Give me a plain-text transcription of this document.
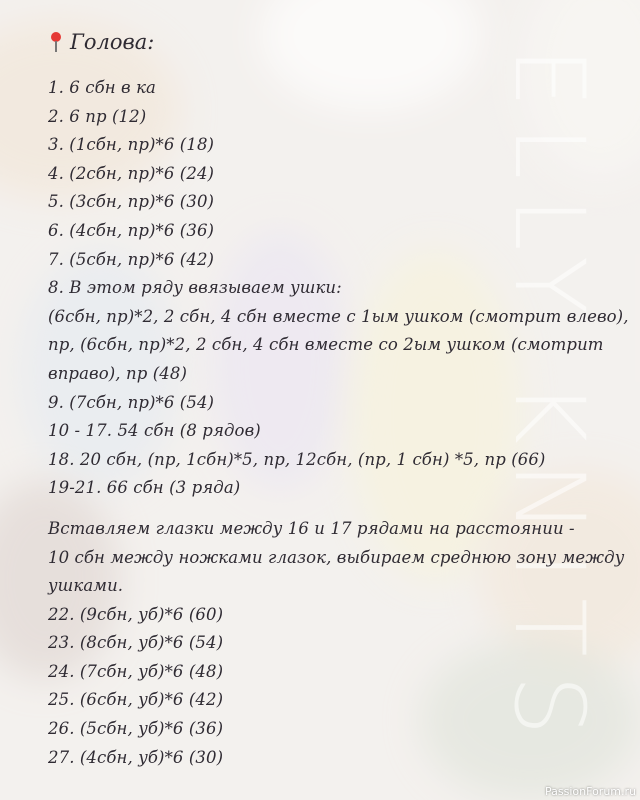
ELLY KNITS
Голова:
1. 6 сбн в ка
2. 6 пр (12)
3. (1сбн, пр)*6 (18)
4. (2сбн, пр)*6 (24)
5. (3сбн, пр)*6 (30)
6. (4сбн, пр)*6 (36)
7. (5сбн, пр)*6 (42)
8. В этом ряду ввязываем ушки:
(6сбн, пр)*2, 2 сбн, 4 сбн вместе с 1ым ушком (смотрит влево),
пр, (6сбн, пр)*2, 2 сбн, 4 сбн вместе со 2ым ушком (смотрит
вправо), пр (48)
9. (7сбн, пр)*6 (54)
10 - 17. 54 сбн (8 рядов)
18. 20 сбн, (пр, 1сбн)*5, пр, 12сбн, (пр, 1 сбн) *5, пр (66)
19-21. 66 сбн (3 ряда)
Вставляем глазки между 16 и 17 рядами на расстоянии -
10 сбн между ножками глазок, выбираем среднюю зону между
ушками.
22. (9сбн, уб)*6 (60)
23. (8сбн, уб)*6 (54)
24. (7сбн, уб)*6 (48)
25. (6сбн, уб)*6 (42)
26. (5сбн, уб)*6 (36)
27. (4сбн, уб)*6 (30)
PassionForum.ru
